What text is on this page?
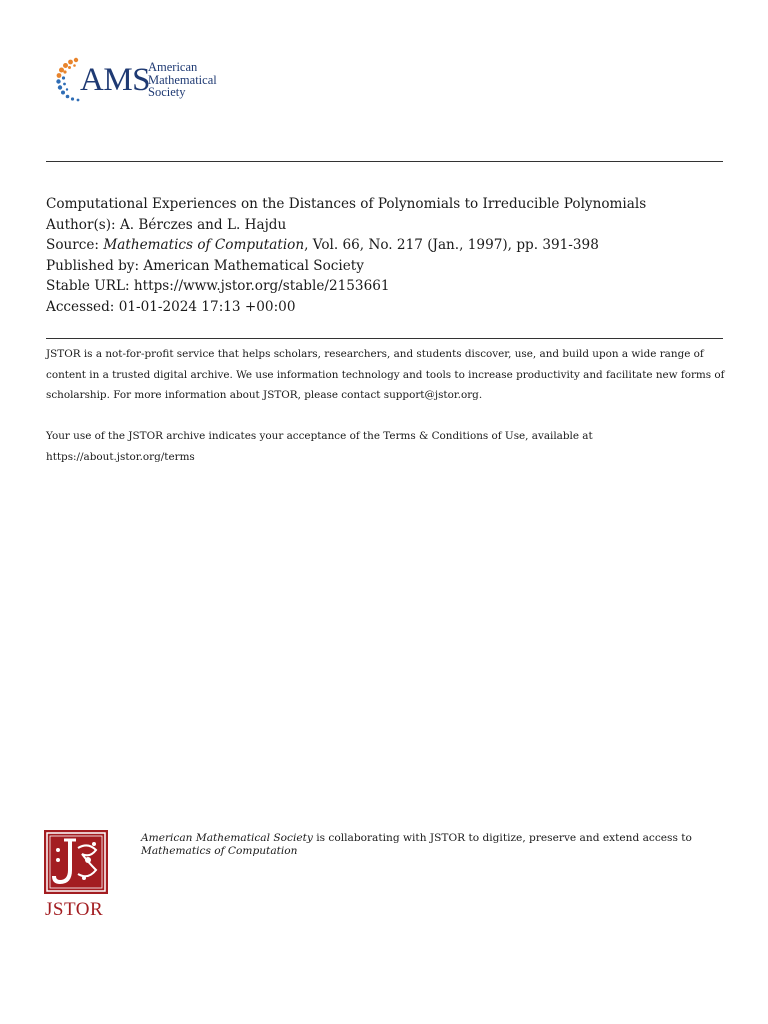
AMS
American
Mathematical
Society
Computational Experiences on the Distances of Polynomials to Irreducible Polynomials
Author(s): A. Bérczes and L. Hajdu
Source: Mathematics of Computation, Vol. 66, No. 217 (Jan., 1997), pp. 391-398
Published by: American Mathematical Society
Stable URL: https://www.jstor.org/stable/2153661
Accessed: 01-01-2024 17:13 +00:00

JSTOR is a not-for-profit service that helps scholars, researchers, and students discover, use, and build upon a wide range of content in a trusted digital archive. We use information technology and tools to increase productivity and facilitate new forms of scholarship. For more information about JSTOR, please contact support@jstor.org.

Your use of the JSTOR archive indicates your acceptance of the Terms & Conditions of Use, available at https://about.jstor.org/terms

JSTOR
American Mathematical Society is collaborating with JSTOR to digitize, preserve and extend access to Mathematics of Computation
